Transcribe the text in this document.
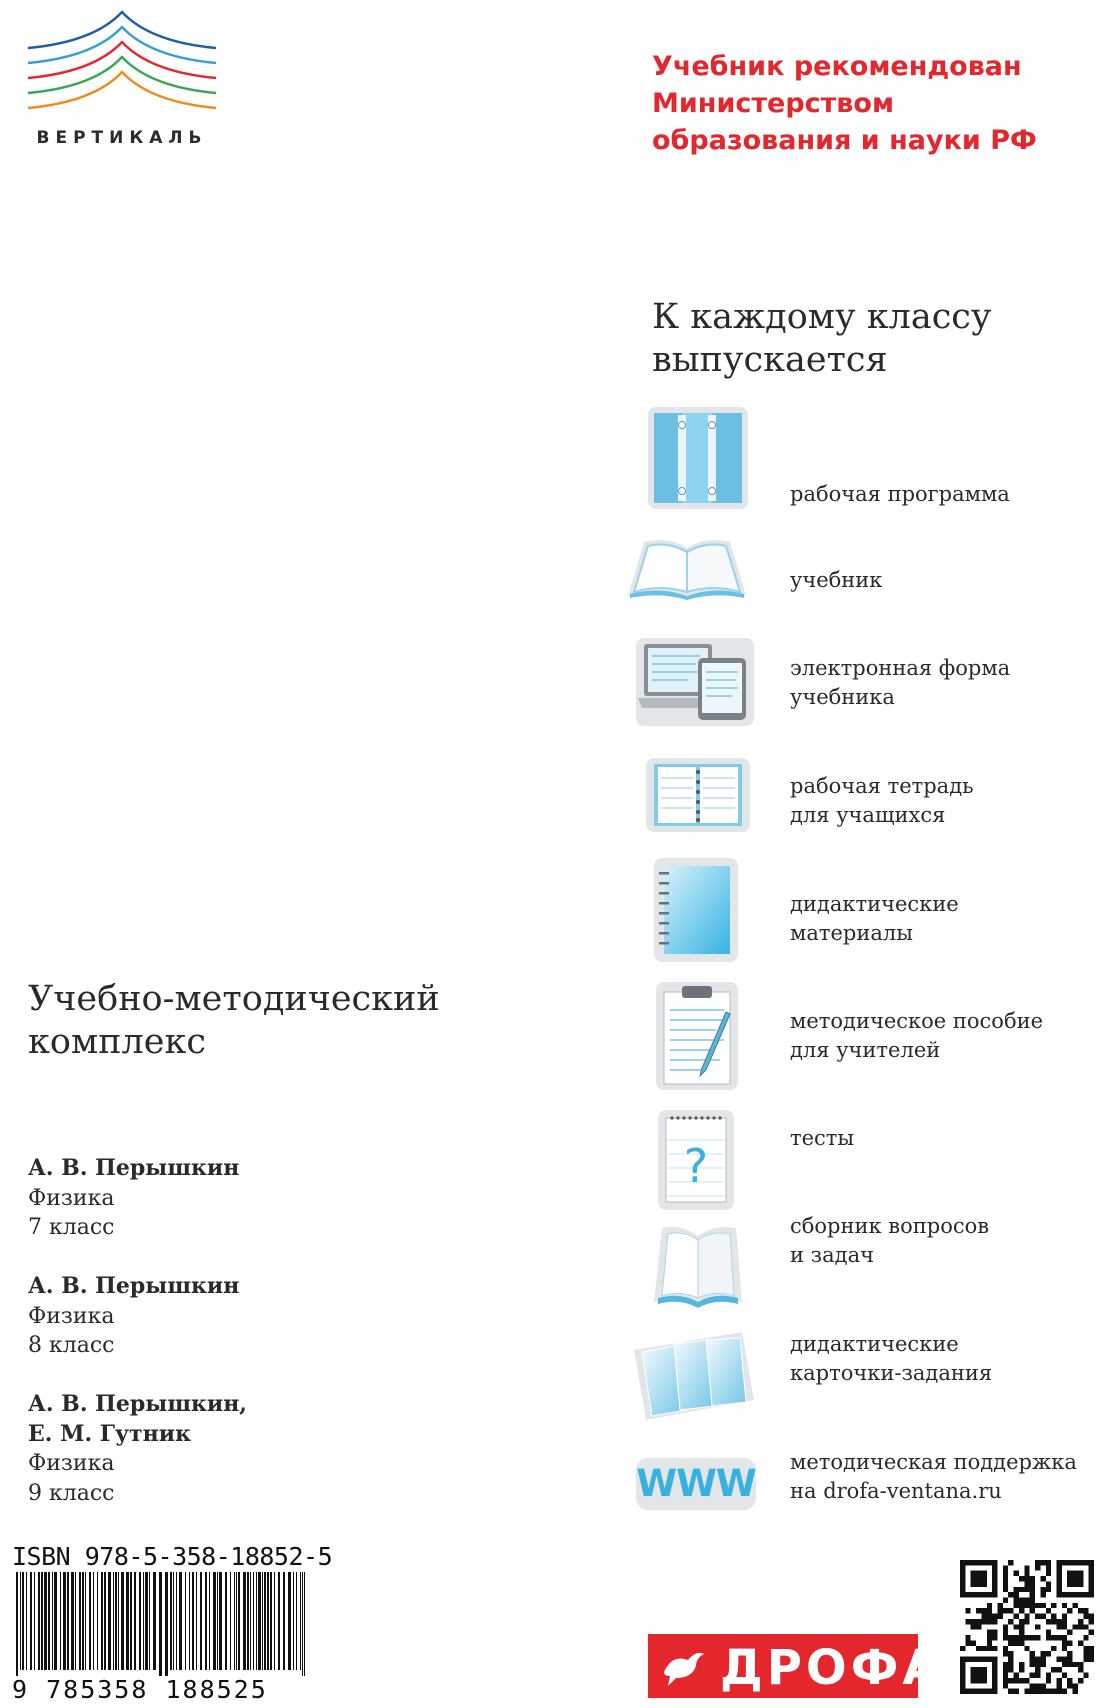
ВЕРТИКАЛЬ
Учебник рекомендован
Министерством
образования и науки РФ
К каждому классу
выпускается
рабочая программа
учебник
электронная форма
учебника
рабочая тетрадь
для учащихся
дидактические
материалы
методическое пособие
для учителей
?
тесты
сборник вопросов
и задач
дидактические
карточки-задания
WWW методическая поддержка
на drofa-ventana.ru
Учебно-методический
комплекс
А. В. Перышкин
Физика
7 класс
А. В. Перышкин
Физика
8 класс
А. В. Перышкин,
Е. М. Гутник
Физика
9 класс
ISBN 978-5-358-18852-5
9 785358 188525	ДРОФА
